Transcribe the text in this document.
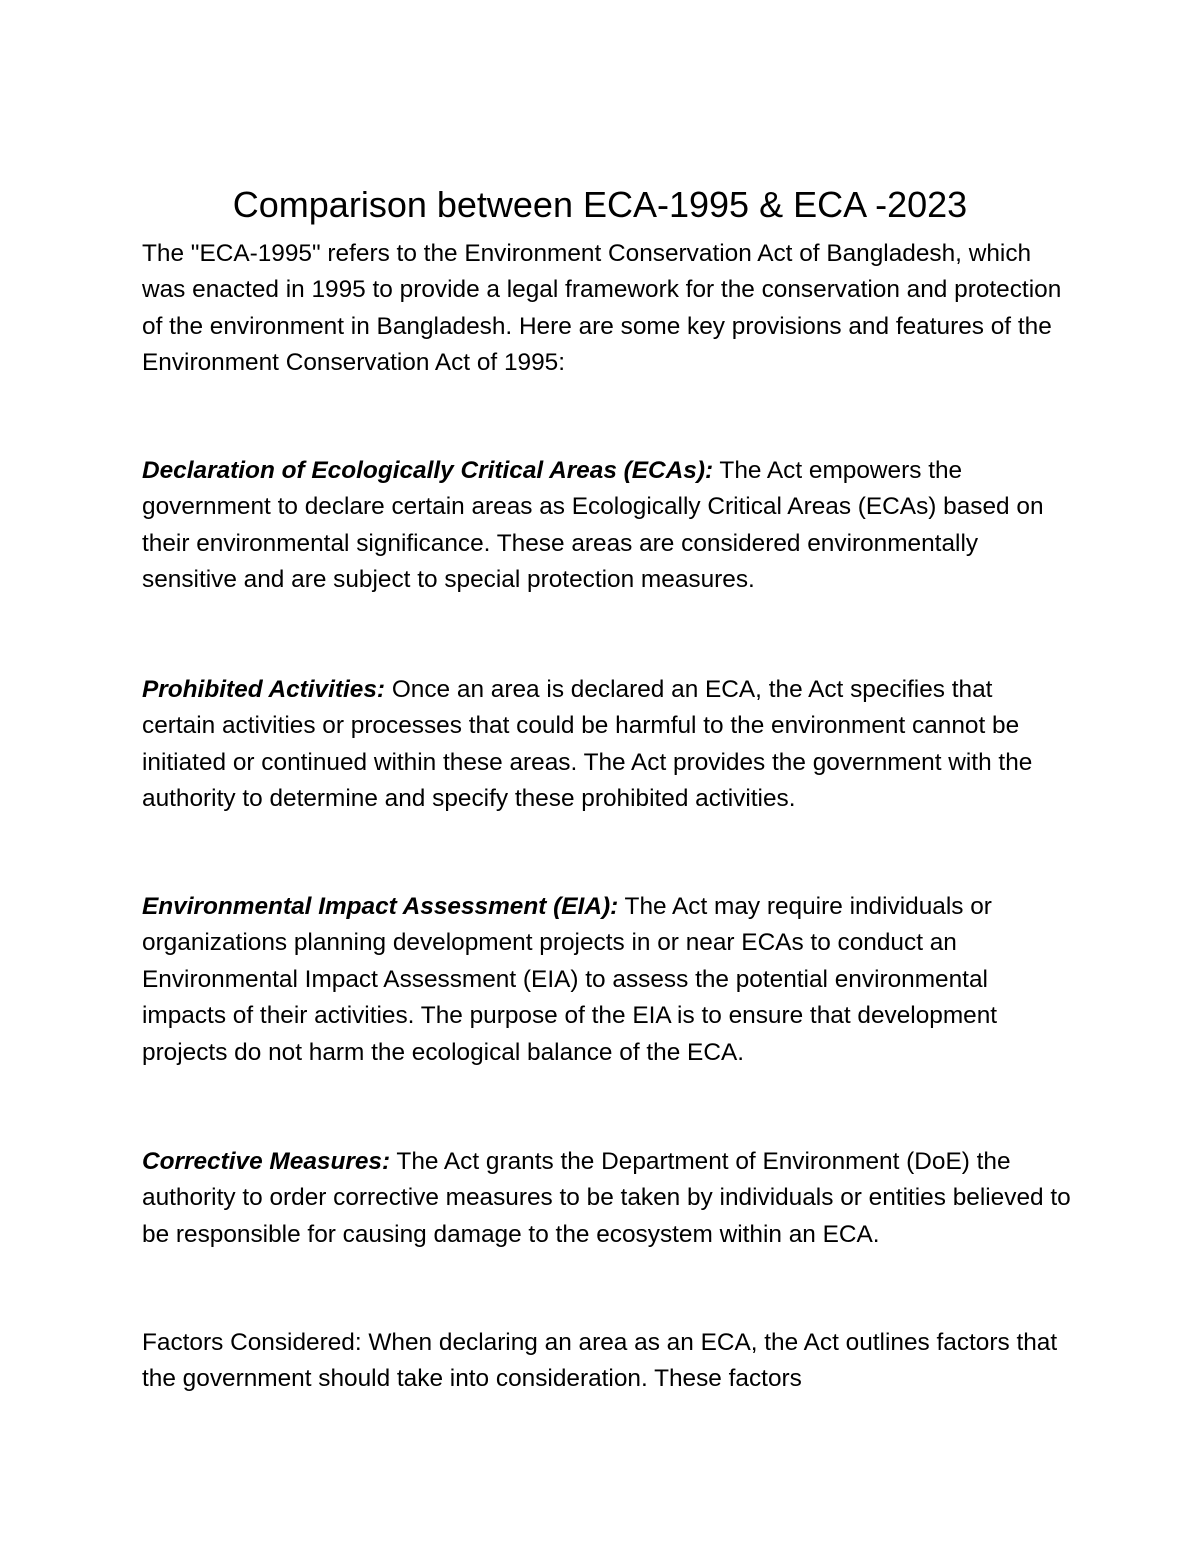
Comparison between ECA-1995 & ECA -2023

The "ECA-1995" refers to the Environment Conservation Act of Bangladesh, which was enacted in 1995 to provide a legal framework for the conservation and protection of the environment in Bangladesh. Here are some key provisions and features of the Environment Conservation Act of 1995:

Declaration of Ecologically Critical Areas (ECAs): The Act empowers the government to declare certain areas as Ecologically Critical Areas (ECAs) based on their environmental significance. These areas are considered environmentally sensitive and are subject to special protection measures.

Prohibited Activities: Once an area is declared an ECA, the Act specifies that certain activities or processes that could be harmful to the environment cannot be initiated or continued within these areas. The Act provides the government with the authority to determine and specify these prohibited activities.

Environmental Impact Assessment (EIA): The Act may require individuals or organizations planning development projects in or near ECAs to conduct an Environmental Impact Assessment (EIA) to assess the potential environmental impacts of their activities. The purpose of the EIA is to ensure that development projects do not harm the ecological balance of the ECA.

Corrective Measures: The Act grants the Department of Environment (DoE) the authority to order corrective measures to be taken by individuals or entities believed to be responsible for causing damage to the ecosystem within an ECA.

Factors Considered: When declaring an area as an ECA, the Act outlines factors that the government should take into consideration. These factors
